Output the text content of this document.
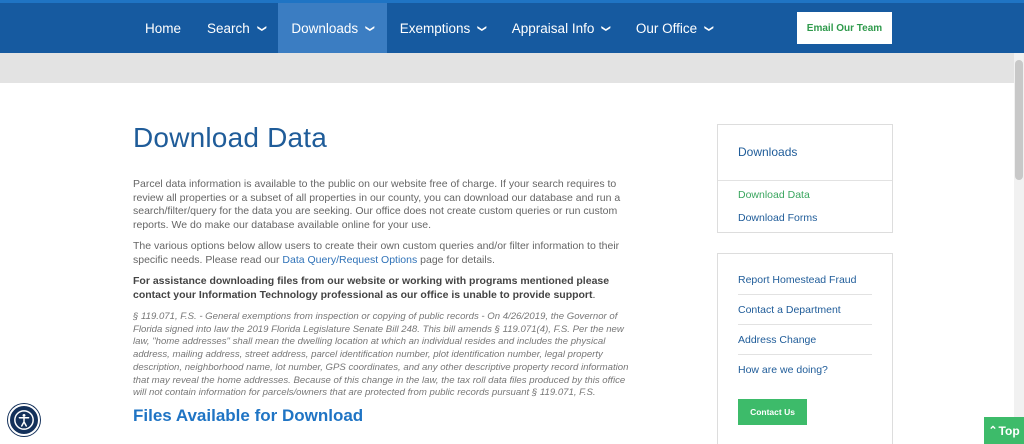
Home Search ❯ Downloads ❯ Exemptions ❯ Appraisal Info ❯ Our Office ❯	Email Our Team
Download Data

Parcel data information is available to the public on our website free of charge. If your search requires to review all properties or a subset of all properties in our county, you can download our database and run a search/filter/query for the data you are seeking. Our office does not create custom queries or run custom reports. We do make our database available online for your use.

The various options below allow users to create their own custom queries and/or filter information to their specific needs. Please read our Data Query/Request Options page for details.

For assistance downloading files from our website or working with programs mentioned please contact your Information Technology professional as our office is unable to provide support.

§ 119.071, F.S. - General exemptions from inspection or copying of public records - On 4/26/2019, the Governor of Florida signed into law the 2019 Florida Legislature Senate Bill 248. This bill amends § 119.071(4), F.S. Per the new law, "home addresses" shall mean the dwelling location at which an individual resides and includes the physical address, mailing address, street address, parcel identification number, plot identification number, legal property description, neighborhood name, lot number, GPS coordinates, and any other descriptive property record information that may reveal the home addresses. Because of this change in the law, the tax roll data files produced by this office will not contain information for parcels/owners that are protected from public records pursuant § 119.071, F.S.

Files Available for Download
Downloads
Download Data
Download Forms
Report Homestead Fraud
Contact a Department
Address Change
How are we doing?
Contact Us
⌃ Top
